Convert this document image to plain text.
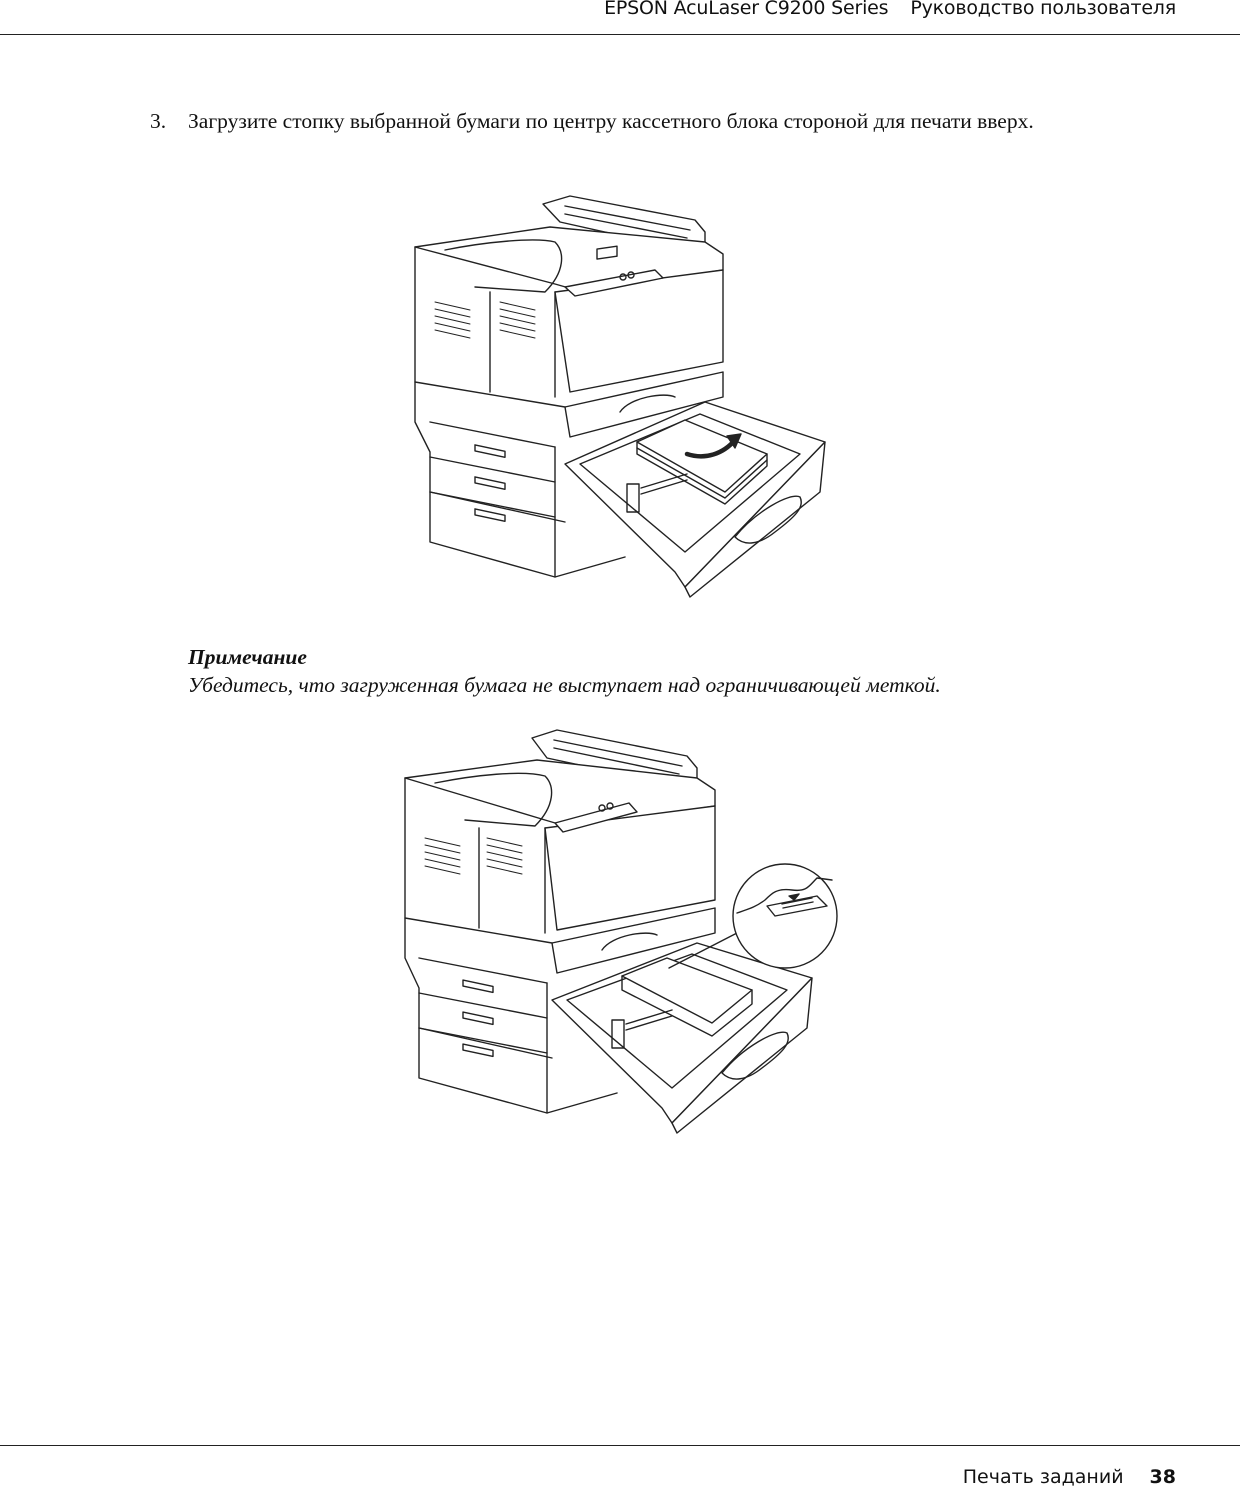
EPSON AcuLaser C9200 Series Руководство пользователя
3. Загрузите стопку выбранной бумаги по центру кассетного блока стороной для печати вверх.
Примечание
Убедитесь, что загруженная бумага не выступает над ограничивающей меткой.
Печать заданий 38
